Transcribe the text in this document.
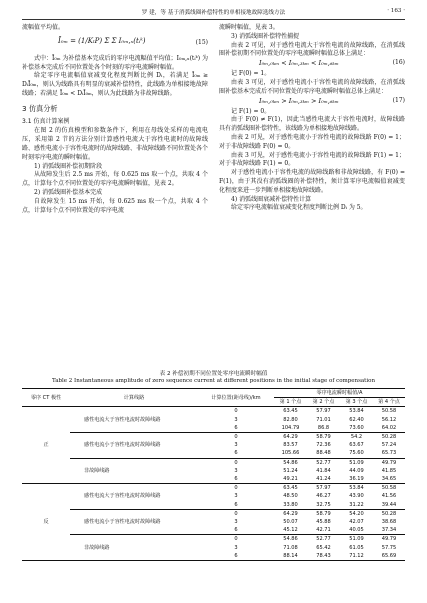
罗 建，等 基于消弧线圈补偿特性的单相接地故障选线方法	· 163 ·

流幅值平均值。

Ī₀ₘ = (1/KₗP) Σ Σ I₀ₘ,ₓ(tᵢᵏ)	(15)

式中：Ī₀ₘ 为补偿基本完成后的零序电流幅值平均值；I₀ₘ,ₓ(tᵢᵏ) 为补偿基本完成后不同位置处各个时刻的零序电流瞬时幅值。

给定零序电流幅值衰减变化程度判断比例 Dᵢ，若满足 Ī₀ₘ ≥ DᵢĪ₀ₘ，则认为线路具有明显的衰减补偿特性，此线路为单相接地故障线路；若满足 Ī₀ₘ < DᵢĪ₀ₘ，则认为此线路为非故障线路。

3 仿真分析
3.1 仿真计算案例

在图 2 的仿真模型和参数条件下，利用在母线处采样的电流电压，采用第 2 节的方法分别计算感性电流大于容性电流时的故障线路、感性电流小于容性电流时的故障线路、非故障线路不同位置处各个时刻零序电流的瞬时幅值。

1) 消弧线圈补偿初期阶段

从故障发生后 2.5 ms 开始，每 0.625 ms 取一个点，共取 4 个点，计算每个点不同位置处的零序电流瞬时幅值，见表 2。

2) 消弧线圈补偿基本完成

自故障发生 15 ms 开始，每 0.625 ms 取一个点，共取 4 个点，计算每个点不同位置处的零序电流

流瞬时幅值，见表 3。

3) 消弧线圈补偿特性捕捉

由表 2 可见，对于感性电流大于容性电流的故障线路，在消弧线圈补偿初期不同位置处的零序电流瞬时幅值总体上满足：

I₀ₘ,₀ₖₘ < I₀ₘ,₃ₖₘ < I₀ₘ,₆ₖₘ	(16)

记 F(0) = 1。

由表 3 可见，对于感性电流小于容性电流的故障线路，在消弧线圈补偿基本完成后不同位置处的零序电流瞬时幅值总体上满足：

I₀ₘ,₀ₖₘ > I₀ₘ,₃ₖₘ > I₀ₘ,₆ₖₘ	(17)

记 F(1) = 0。

由于 F(0) ≠ F(1)，因此当感性电流大于容性电流时，故障线路具有消弧线圈补偿特性，该线路为单相接地故障线路。

由表 2 可见，对于感性电流小于容性电流的故障线路 F(0) = 1；对于非故障线路 F(0) = 0。

由表 3 可见，对于感性电流小于容性电流的故障线路 F(1) = 1；对于非故障线路 F(1) = 0。

对于感性电流小于容性电流的故障线路和非故障线路，有 F(0) = F(1)，由于其没有消弧线圈的补偿特性，须计算零序电流幅值衰减变化程度来进一步判断单相接地故障线路。

4) 消弧线圈衰减补偿特性计算

给定零序电流幅值衰减变化程度判断比例 Dᵢ 为 5。

表 2 补偿初期不同位置处零序电流瞬时幅值
Table 2 Instantaneous amplitude of zero sequence current at different positions in the initial stage of compensation
零序 CT 极性	计算线路	计算位置(距母线)/km	零序电流瞬时幅值/A			
			第 1 个点	第 2 个点	第 3 个点	第 4 个点
正	感性电流大于容性电流时故障线路	0	63.45	57.97	53.84	50.58
		3	82.80	71.01	62.40	56.12
		6	104.79	86.8	73.60	64.02
	感性电流小于容性电流时故障线路	0	64.29	58.79	54.2	50.28
		3	83.57	72.36	63.67	57.24
		6	105.66	88.48	75.60	65.73
	非故障线路	0	54.86	52.77	51.09	49.79
		3	51.24	41.84	44.09	41.85
		6	49.21	41.24	36.19	34.65
反	感性电流大于容性电流时故障线路	0	63.45	57.97	53.84	50.58
		3	48.50	46.27	43.90	41.56
		6	33.80	32.75	31.22	39.44
	感性电流小于容性电流时故障线路	0	64.29	58.79	54.20	50.28
		3	50.07	45.88	42.07	38.68
		6	45.12	42.71	40.05	37.34
	非故障线路	0	54.86	52.77	51.09	49.79
		3	71.08	65.42	61.05	57.75
		6	88.14	78.43	71.12	65.69
